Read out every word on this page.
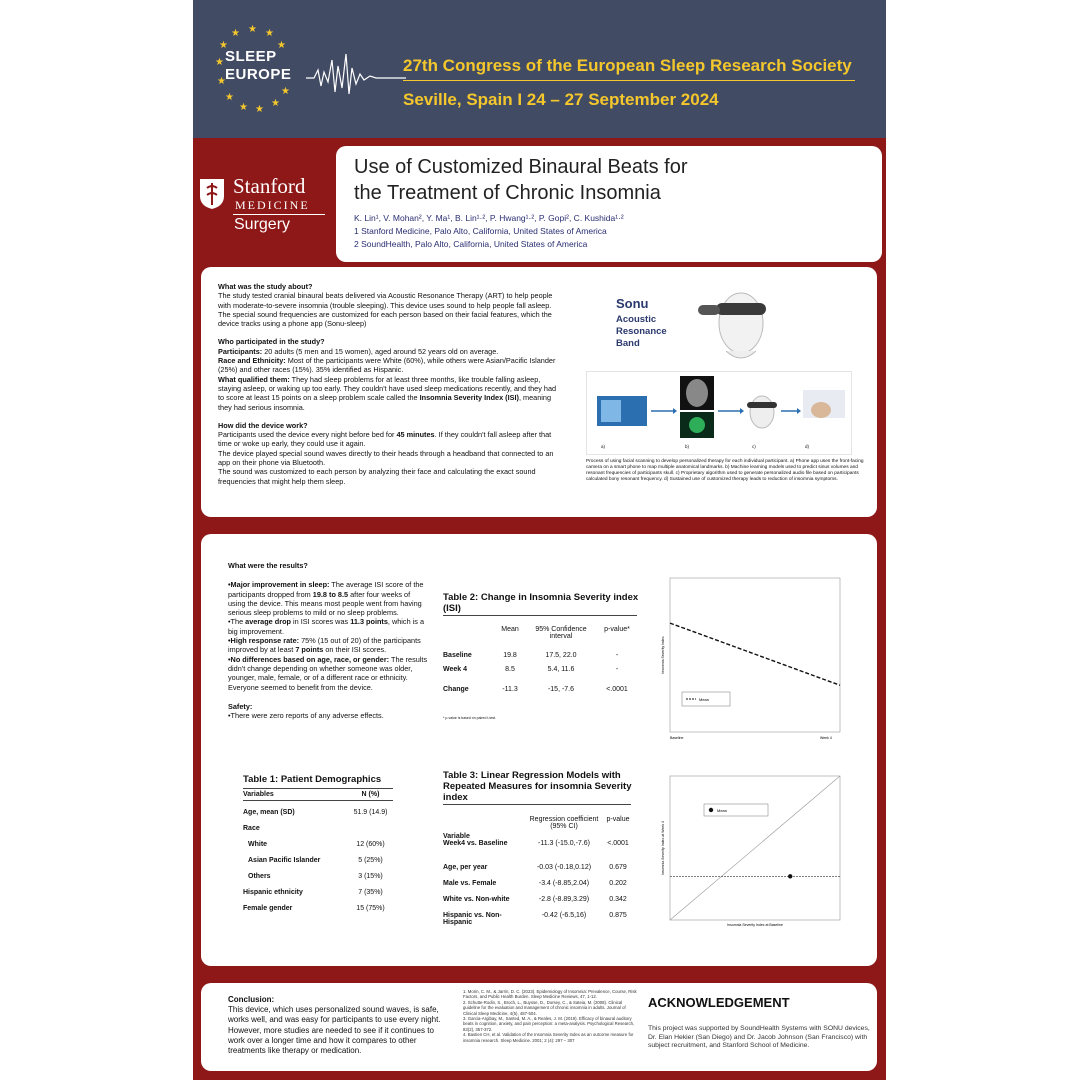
★ ★
★
★
★
★
★
★
★ ★
★
★
SLEEP
EUROPE	27th Congress of the European Sleep Research Society
Seville, Spain I 24 – 27 September 2024
Stanford
MEDICINE
Surgery
Use of Customized Binaural Beats for
the Treatment of Chronic Insomnia
K. Lin¹, V. Mohan², Y. Ma¹, B. Lin¹·², P. Hwang¹·², P. Gopi², C. Kushida¹·²
1 Stanford Medicine, Palo Alto, California, United States of America
2 SoundHealth, Palo Alto, California, United States of America
What was the study about?
The study tested cranial binaural beats delivered via Acoustic Resonance Therapy (ART) to help people with moderate-to-severe insomnia (trouble sleeping). This device uses sound to help people fall asleep. The special sound frequencies are customized for each person based on their facial features, which the device tracks using a phone app (Sonu-sleep)
Who participated in the study?
Participants: 20 adults (5 men and 15 women), aged around 52 years old on average.
Race and Ethnicity: Most of the participants were White (60%), while others were Asian/Pacific Islander (25%) and other races (15%). 35% identified as Hispanic.
What qualified them: They had sleep problems for at least three months, like trouble falling asleep, staying asleep, or waking up too early. They couldn't have used sleep medications recently, and they had to score at least 15 points on a sleep problem scale called the Insomnia Severity Index (ISI), meaning they had serious insomnia.
How did the device work?
Participants used the device every night before bed for 45 minutes. If they couldn't fall asleep after that time or woke up early, they could use it again.
The device played special sound waves directly to their heads through a headband that connected to an app on their phone via Bluetooth.
The sound was customized to each person by analyzing their face and calculating the exact sound frequencies that might help them sleep.
Sonu
Acoustic Resonance Band
a)	b)	c)	d)
Process of using facial scanning to develop personalized therapy for each individual participant. a) Phone app uses the front-facing camera on a smart phone to map multiple anatomical landmarks. b) Machine learning models used to predict sinus volumes and resonant frequencies of participants skull. c) Proprietary algorithm used to generate personalized audio file based on participants calculated bony resonant frequency. d) Sustained use of customized therapy leads to reduction of insomnia symptoms.
What were the results?
•Major improvement in sleep: The average ISI score of the participants dropped from 19.8 to 8.5 after four weeks of using the device. This means most people went from having serious sleep problems to mild or no sleep problems.
•The average drop in ISI scores was 11.3 points, which is a big improvement.
•High response rate: 75% (15 out of 20) of the participants improved by at least 7 points on their ISI scores.
•No differences based on age, race, or gender: The results didn't change depending on whether someone was older, younger, male, female, or of a different race or ethnicity. Everyone seemed to benefit from the device.
Safety:
•There were zero reports of any adverse effects.
Table 1: Patient Demographics
Variables	N (%)
Age, mean (SD)	51.9 (14.9)
Race	
White	12 (60%)
Asian Pacific Islander	5 (25%)
Others	3 (15%)
Hispanic ethnicity	7 (35%)
Female gender	15 (75%)
Table 2: Change in Insomnia Severity index (ISI)
	Mean	95% Confidence interval	p-value*
Baseline	19.8	17.5, 22.0	-
Week 4	8.5	5.4, 11.6	-
Change	-11.3	-15, -7.6	<.0001
* p-value is based on paired t-test.
Table 3: Linear Regression Models with Repeated Measures for insomnia Severity index
Variable	Regression coefficient (95% CI)	p-value
Week4 vs. Baseline	-11.3 (-15.0,-7.6)	<.0001
Age, per year	-0.03 (-0.18,0.12)	0.679
Male vs. Female	-3.4 (-8.85,2.04)	0.202
White vs. Non-white	-2.8 (-8.89,3.29)	0.342
Hispanic vs. Non-Hispanic	-0.42 (-6.5,16)	0.875
Mean
Baseline	Week 4
Insomnia Severity Index
Mean
Insomnia Severity Index at Baseline
Insomnia Severity Index at Week 4
Conclusion:
This device, which uses personalized sound waves, is safe, works well, and was easy for participants to use every night. However, more studies are needed to see if it continues to work over a longer time and how it compares to other treatments like therapy or medication.
1. Morin, C. M., & Jarrin, D. C. (2023). Epidemiology of Insomnia: Prevalence, Course, Risk Factors, and Public Health Burden. Sleep Medicine Reviews, 47, 1-12.
2. Schutte-Rodin, S., Broch, L., Buysse, D., Dorsey, C., & Sateia, M. (2008). Clinical guideline for the evaluation and management of chronic insomnia in adults. Journal of Clinical Sleep Medicine, 4(5), 487-504.
3. Garcia-Argibay, M., Santed, M. A., & Reales, J. M. (2019). Efficacy of binaural auditory beats in cognition, anxiety, and pain perception: a meta-analysis. Psychological Research, 83(2), 357-372.
4. Bastien CH, et al. Validation of the Insomnia Severity Index as an outcome measure for insomnia research. Sleep Medicine. 2001; 2 (4): 297 – 307
ACKNOWLEDGEMENT
This project was supported by SoundHealth Systems with SONU devices, Dr. Elan Hekier (San Diego) and Dr. Jacob Johnson (San Francisco) with subject recruitment, and Stanford School of Medicine.
